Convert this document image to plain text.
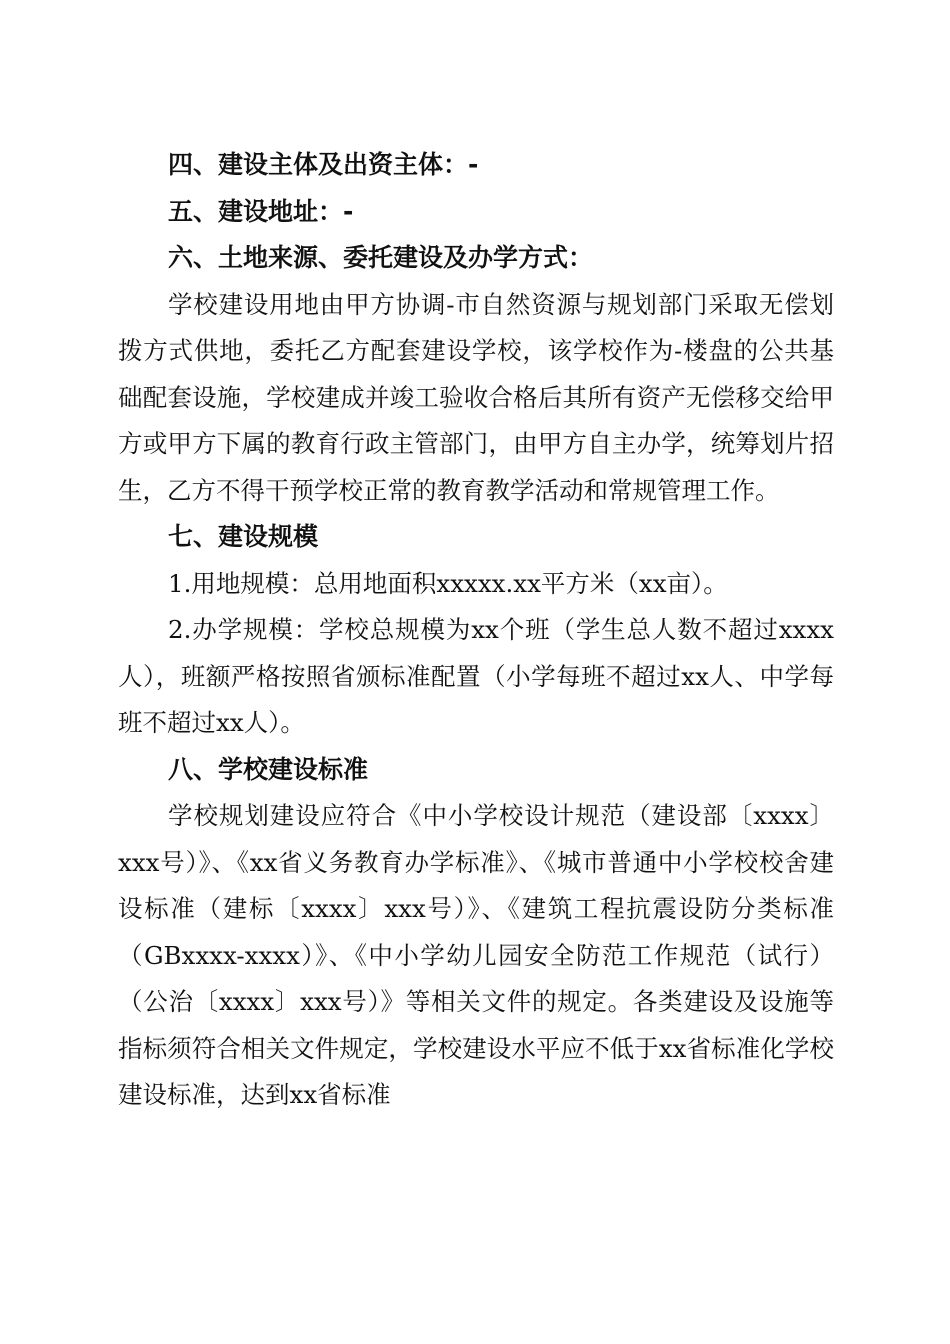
四、建设主体及出资主体：-

五、建设地址：-

六、土地来源、委托建设及办学方式：

学校建设用地由甲方协调-市自然资源与规划部门采取无偿划拨方式供地，委托乙方配套建设学校，该学校作为-楼盘的公共基础配套设施，学校建成并竣工验收合格后其所有资产无偿移交给甲方或甲方下属的教育行政主管部门，由甲方自主办学，统筹划片招生，乙方不得干预学校正常的教育教学活动和常规管理工作。

七、建设规模

1.用地规模：总用地面积xxxxx.xx平方米（xx亩）。

2.办学规模：学校总规模为xx个班（学生总人数不超过xxxx人），班额严格按照省颁标准配置（小学每班不超过xx人、中学每班不超过xx人）。

八、学校建设标准

学校规划建设应符合《中小学校设计规范（建设部〔xxxx〕xxx号）》、《xx省义务教育办学标准》、《城市普通中小学校校舍建设标准（建标〔xxxx〕xxx号）》、《建筑工程抗震设防分类标准（GBxxxx-xxxx）》、《中小学幼儿园安全防范工作规范（试行）（公治〔xxxx〕xxx号）》等相关文件的规定。各类建设及设施等指标须符合相关文件规定，学校建设水平应不低于xx省标准化学校建设标准，达到xx省标准
